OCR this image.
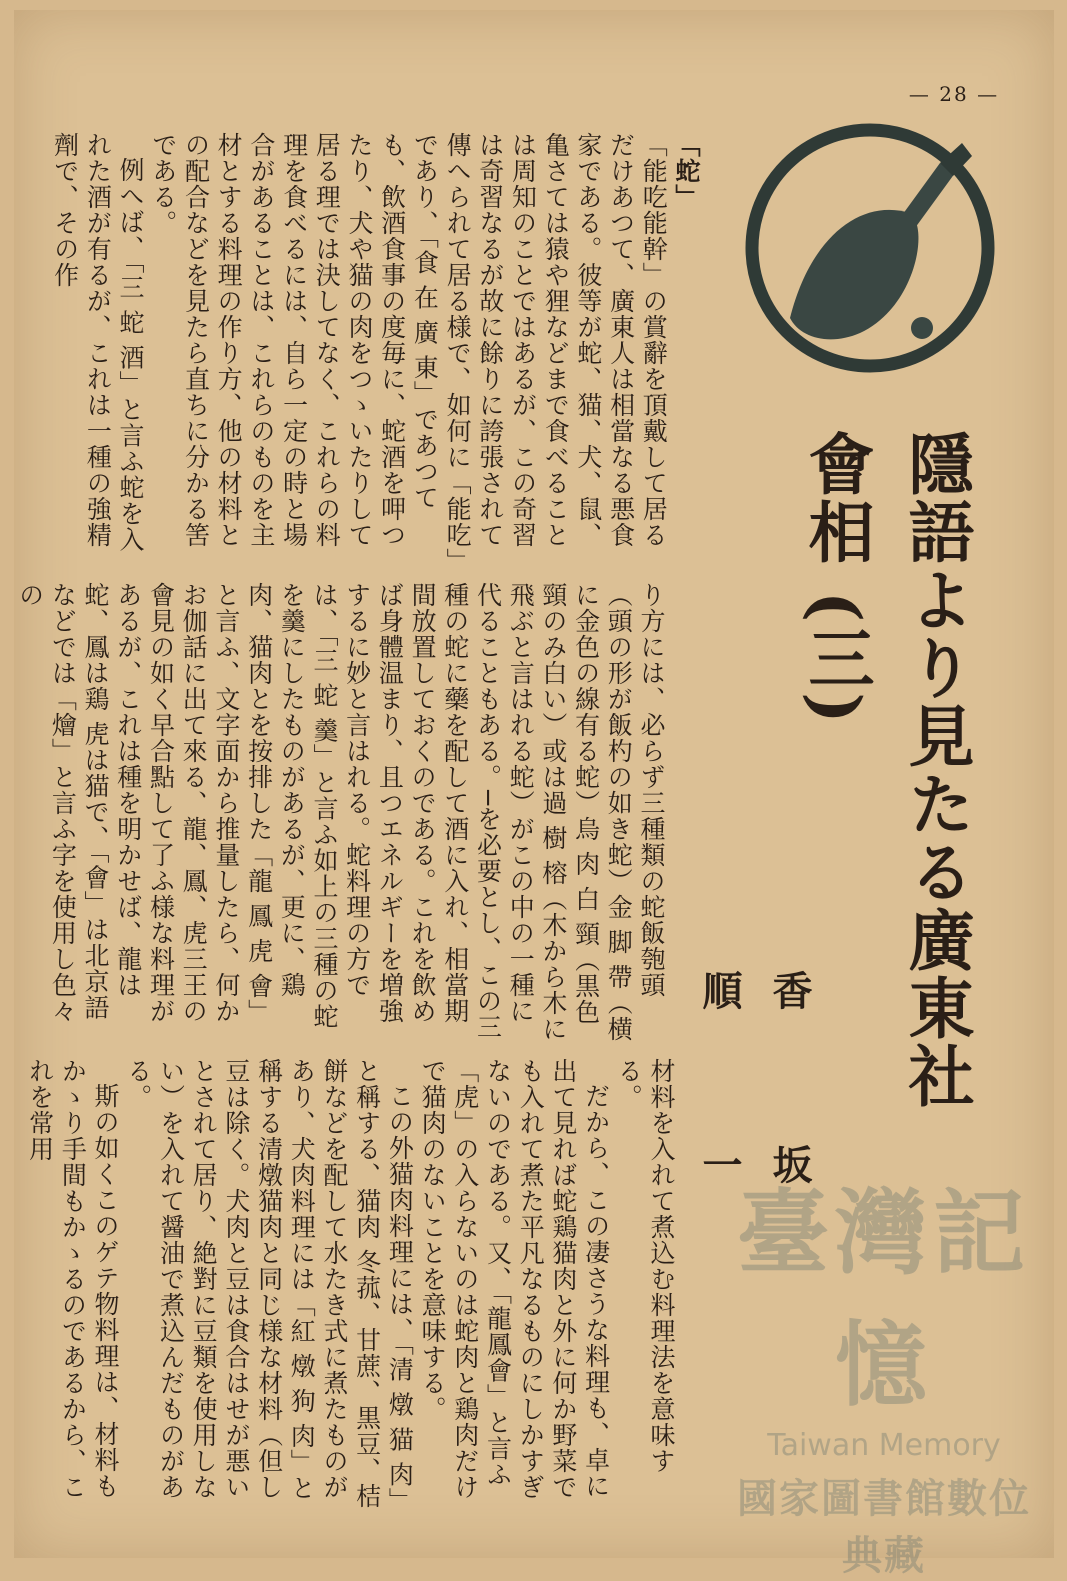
— 28 —
隱語より見たる廣東社會相 (三)
香 坂 順 一

「蛇」

「能吃能幹」の賞辭を頂戴して居るだけあつて、廣東人は相當なる悪食家である。彼等が蛇、猫、犬、鼠、亀さては猿や狸などまで食べることは周知のことではあるが、この奇習は奇習なるが故に餘りに誇張されて傳へられて居る様で、如何に「能吃」であり、「食 在 廣 東」であつても、飲酒食事の度毎に、蛇酒を呷つたり、犬や猫の肉をつゝいたりして居る理では決してなく、これらの料理を食べるには、自ら一定の時と場合があることは、これらのものを主材とする料理の作り方、他の材料との配合などを見たら直ちに分かる筈である。

例へば、「三 蛇 酒」と言ふ蛇を入れた酒が有るが、これは一種の強精劑で、その作

り方には、必らず三種類の蛇飯匏頭（頭の形が飯杓の如き蛇）金 脚 帶（横に金色の線有る蛇）烏 肉 白 頸（黒色 頸のみ白い）或は過 樹 榕（木から木に飛ぶと言はれる蛇）がこの中の一種に代ることもある。─を必要とし、この三種の蛇に藥を配して酒に入れ、相當期間放置しておくのである。これを飲めば身體温まり、且つエネルギーを増強するに妙と言はれる。蛇料理の方では、「三 蛇 羹」と言ふ如上の三種の蛇を羹にしたものがあるが、更に、鶏肉、猫肉とを按排した「龍 鳳 虎 會」と言ふ、文字面から推量したら、何かお伽話に出て來る、龍、鳳、虎三王の會見の如く早合點して了ふ様な料理があるが、これは種を明かせば、龍は蛇、鳳は鶏 虎は猫で、「會」は北京語などでは「燴」と言ふ字を使用し色々の

材料を入れて煮込む料理法を意味する。

だから、この凄さうな料理も、卓に出て見れば蛇鶏猫肉と外に何か野菜でも入れて煮た平凡なるものにしかすぎないのである。又、「龍鳳會」と言ふ「虎」の入らないのは蛇肉と鶏肉だけで猫肉のないことを意味する。

この外猫肉料理には、「清 燉 猫 肉」と稱する、猫肉 冬菰、甘蔗、黒豆、桔餅などを配して水たき式に煮たものがあり、犬肉料理には「紅 燉 狗 肉」と稱する清燉猫肉と同じ様な材料（但し豆は除く。犬肉と豆は食合はせが悪いとされて居り、絶對に豆類を使用しない）を入れて醤油で煮込んだものがある。

斯の如くこのゲテ物料理は、材料もかゝり手間もかゝるのであるから、これを常用

臺灣記憶
Taiwan Memory
國家圖書館數位典藏
